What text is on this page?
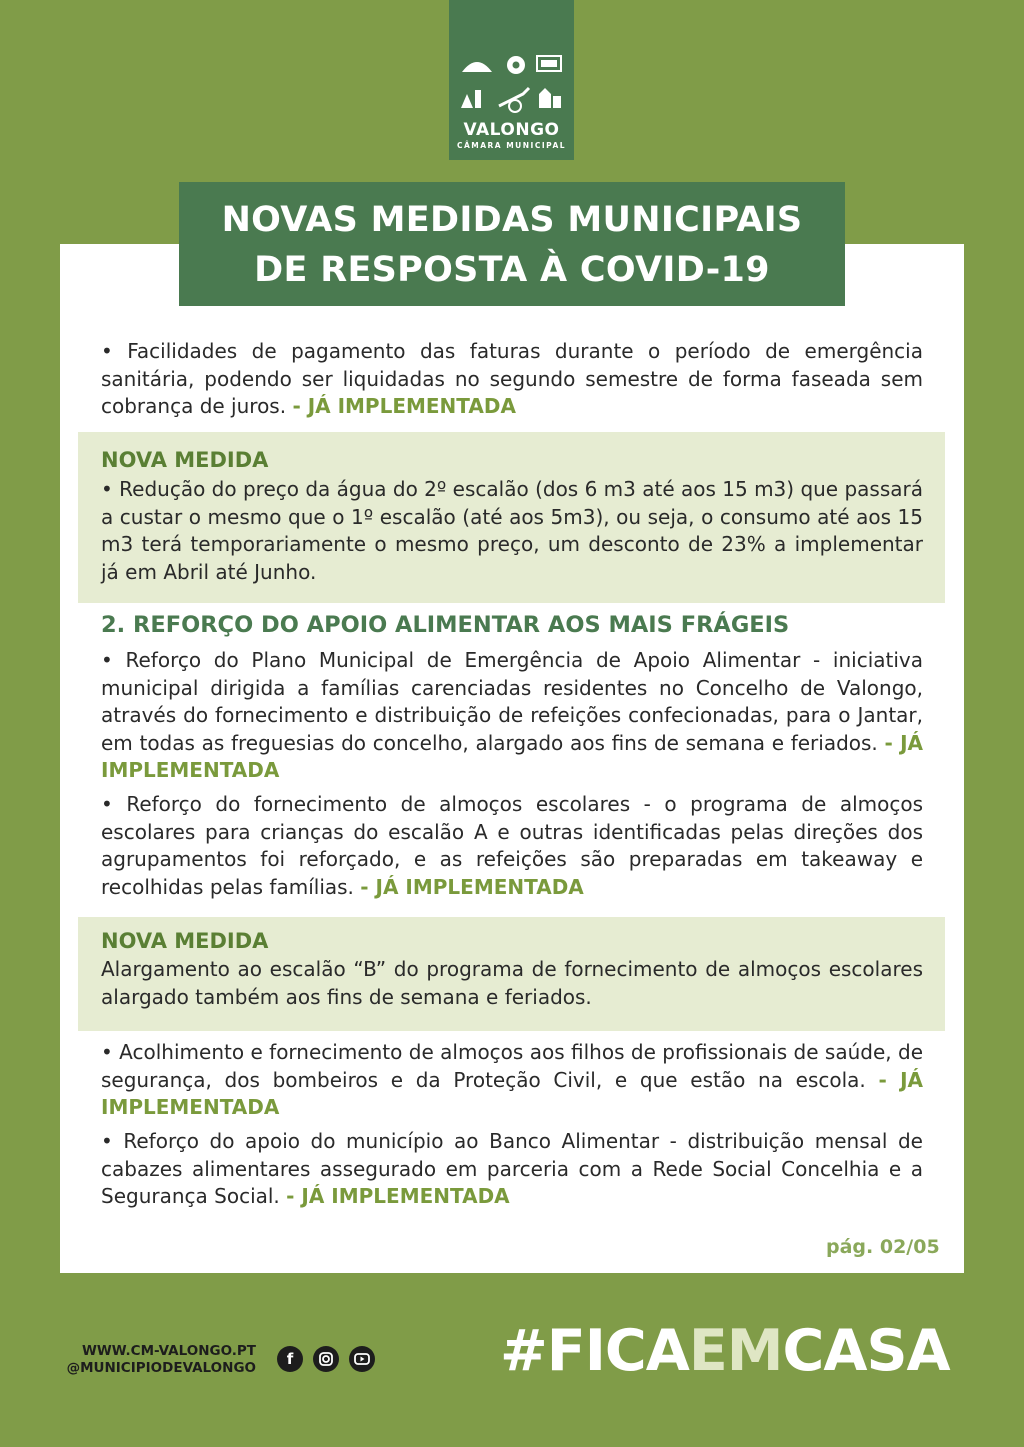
VALONGO
CÂMARA MUNICIPAL
NOVAS MEDIDAS MUNICIPAIS
DE RESPOSTA À COVID-19

• Facilidades de pagamento das faturas durante o período de emergência sanitária, podendo ser liquidadas no segundo semestre de forma faseada sem cobrança de juros. - JÁ IMPLEMENTADA

NOVA MEDIDA

• Redução do preço da água do 2º escalão (dos 6 m3 até aos 15 m3) que passará a custar o mesmo que o 1º escalão (até aos 5m3), ou seja, o consumo até aos 15 m3 terá temporariamente o mesmo preço, um desconto de 23% a implementar já em Abril até Junho.

2. REFORÇO DO APOIO ALIMENTAR AOS MAIS FRÁGEIS

• Reforço do Plano Municipal de Emergência de Apoio Alimentar - iniciativa municipal dirigida a famílias carenciadas residentes no Concelho de Valongo, através do fornecimento e distribuição de refeições confecionadas, para o Jantar, em todas as freguesias do concelho, alargado aos fins de semana e feriados. - JÁ IMPLEMENTADA

• Reforço do fornecimento de almoços escolares - o programa de almoços escolares para crianças do escalão A e outras identificadas pelas direções dos agrupamentos foi reforçado, e as refeições são preparadas em takeaway e recolhidas pelas famílias. - JÁ IMPLEMENTADA

NOVA MEDIDA

Alargamento ao escalão “B” do programa de fornecimento de almoços escolares alargado também aos fins de semana e feriados.

• Acolhimento e fornecimento de almoços aos filhos de profissionais de saúde, de segurança, dos bombeiros e da Proteção Civil, e que estão na escola. - JÁ IMPLEMENTADA

• Reforço do apoio do município ao Banco Alimentar - distribuição mensal de cabazes alimentares assegurado em parceria com a Rede Social Concelhia e a Segurança Social. - JÁ IMPLEMENTADA

pág. 02/05
WWW.CM-VALONGO.PT
@MUNICIPIODEVALONGO	f	#FICAEMCASA
